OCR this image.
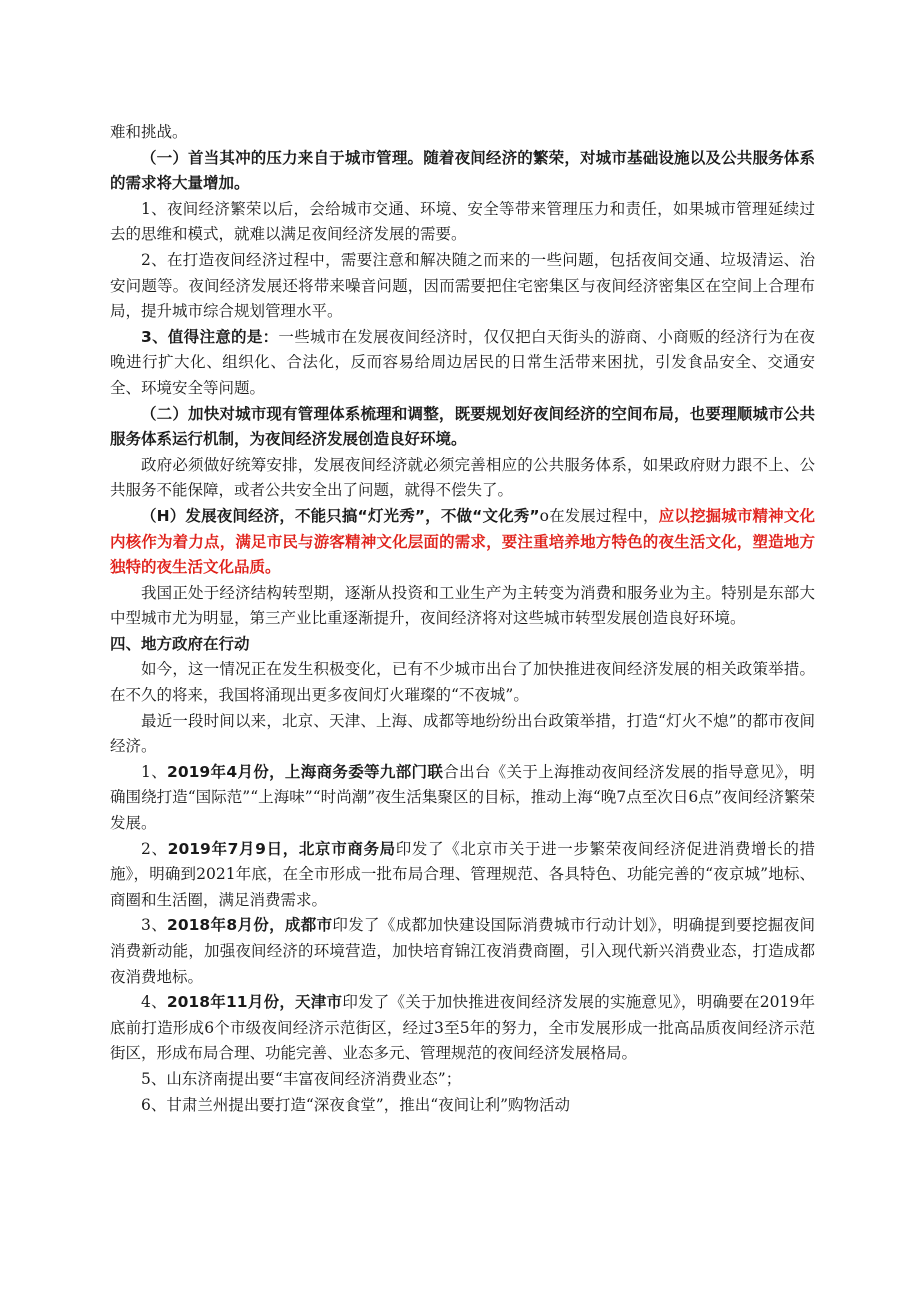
难和挑战。

（一）首当其冲的压力来自于城市管理。随着夜间经济的繁荣，对城市基础设施以及公共服务体系的需求将大量增加。

1、夜间经济繁荣以后，会给城市交通、环境、安全等带来管理压力和责任，如果城市管理延续过去的思维和模式，就难以满足夜间经济发展的需要。

2、在打造夜间经济过程中，需要注意和解决随之而来的一些问题，包括夜间交通、垃圾清运、治安问题等。夜间经济发展还将带来噪音问题，因而需要把住宅密集区与夜间经济密集区在空间上合理布局，提升城市综合规划管理水平。

3、值得注意的是：一些城市在发展夜间经济时，仅仅把白天街头的游商、小商贩的经济行为在夜晚进行扩大化、组织化、合法化，反而容易给周边居民的日常生活带来困扰，引发食品安全、交通安全、环境安全等问题。

（二）加快对城市现有管理体系梳理和调整，既要规划好夜间经济的空间布局，也要理顺城市公共服务体系运行机制，为夜间经济发展创造良好环境。

政府必须做好统筹安排，发展夜间经济就必须完善相应的公共服务体系，如果政府财力跟不上、公共服务不能保障，或者公共安全出了问题，就得不偿失了。

（H）发展夜间经济，不能只搞“灯光秀”，不做“文化秀”o在发展过程中，应以挖掘城市精神文化内核作为着力点，满足市民与游客精神文化层面的需求，要注重培养地方特色的夜生活文化，塑造地方独特的夜生活文化品质。

我国正处于经济结构转型期，逐渐从投资和工业生产为主转变为消费和服务业为主。特别是东部大中型城市尤为明显，第三产业比重逐渐提升，夜间经济将对这些城市转型发展创造良好环境。

四、地方政府在行动

如今，这一情况正在发生积极变化，已有不少城市出台了加快推进夜间经济发展的相关政策举措。在不久的将来，我国将涌现出更多夜间灯火璀璨的“不夜城”。

最近一段时间以来，北京、天津、上海、成都等地纷纷出台政策举措，打造“灯火不熄”的都市夜间经济。

1、2019年4月份，上海商务委等九部门联合出台《关于上海推动夜间经济发展的指导意见》，明确围绕打造“国际范”“上海味”“时尚潮”夜生活集聚区的目标，推动上海“晚7点至次日6点”夜间经济繁荣发展。

2、2019年7月9日，北京市商务局印发了《北京市关于进一步繁荣夜间经济促进消费增长的措施》，明确到2021年底，在全市形成一批布局合理、管理规范、各具特色、功能完善的“夜京城”地标、商圈和生活圈，满足消费需求。

3、2018年8月份，成都市印发了《成都加快建设国际消费城市行动计划》，明确提到要挖掘夜间消费新动能，加强夜间经济的环境营造，加快培育锦江夜消费商圈，引入现代新兴消费业态，打造成都夜消费地标。

4、2018年11月份，天津市印发了《关于加快推进夜间经济发展的实施意见》，明确要在2019年底前打造形成6个市级夜间经济示范街区，经过3至5年的努力，全市发展形成一批高品质夜间经济示范街区，形成布局合理、功能完善、业态多元、管理规范的夜间经济发展格局。

5、山东济南提出要“丰富夜间经济消费业态”；

6、甘肃兰州提出要打造“深夜食堂”，推出“夜间让利”购物活动
